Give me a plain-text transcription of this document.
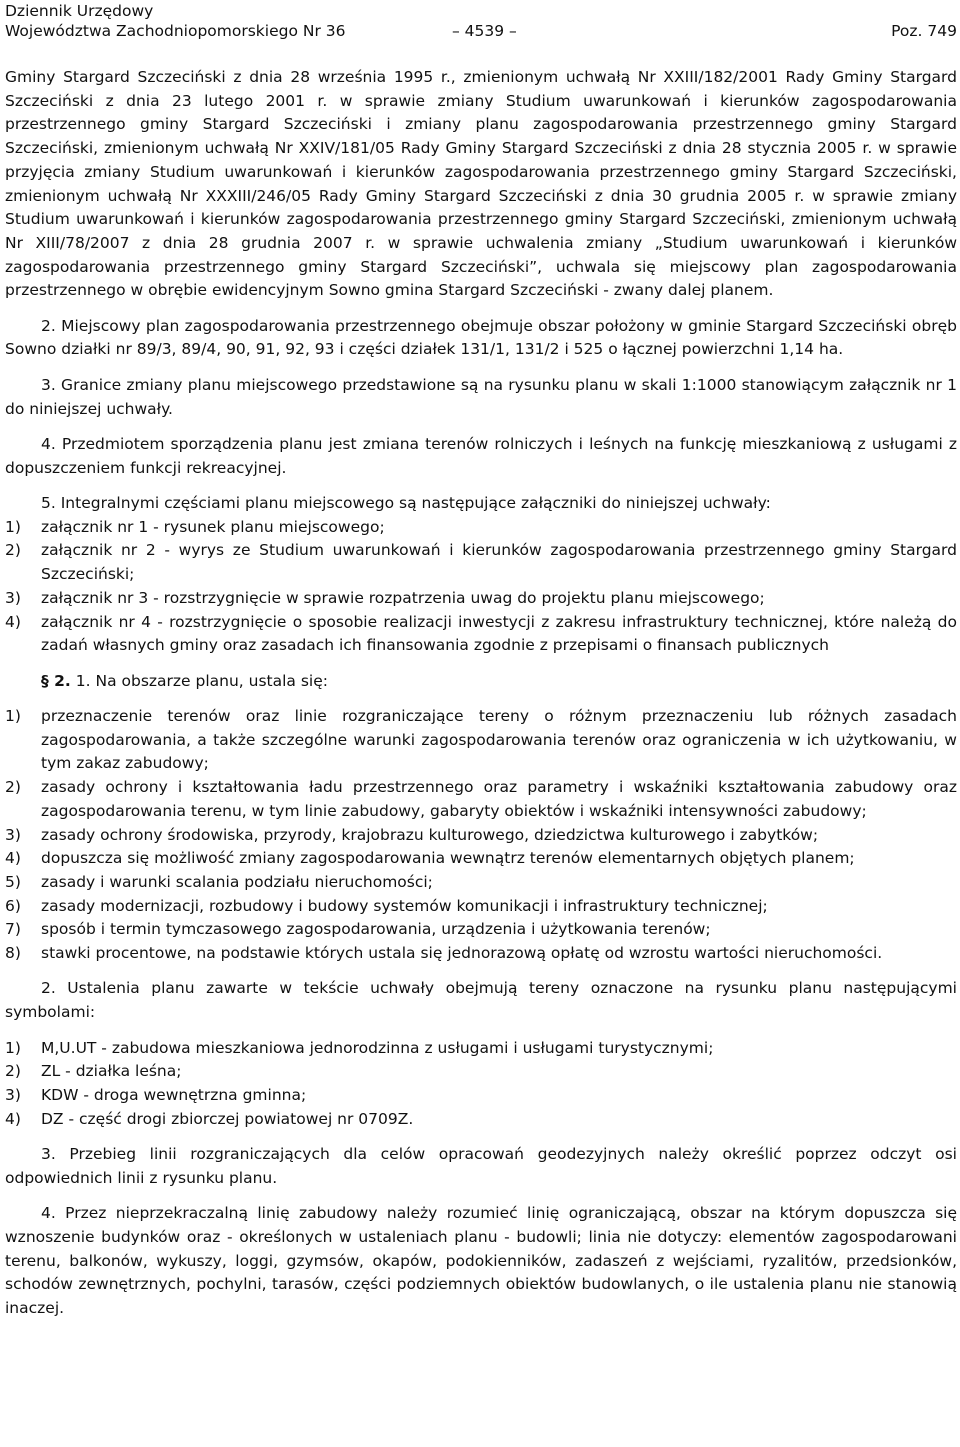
Dziennik Urzędowy
Województwa Zachodniopomorskiego Nr 36	– 4539 –	Poz. 749

Gminy Stargard Szczeciński z dnia 28 września 1995 r., zmienionym uchwałą Nr XXIII/182/2001 Rady Gminy Stargard Szczeciński z dnia 23 lutego 2001 r. w sprawie zmiany Studium uwarunkowań i kierunków zagospodarowania przestrzennego gminy Stargard Szczeciński i zmiany planu zagospodarowania przestrzennego gminy Stargard Szczeciński, zmienionym uchwałą Nr XXIV/181/05 Rady Gminy Stargard Szczeciński z dnia 28 stycznia 2005 r. w sprawie przyjęcia zmiany Studium uwarunkowań i kierunków zagospodarowania przestrzennego gminy Stargard Szczeciński, zmienionym uchwałą Nr XXXIII/246/05 Rady Gminy Stargard Szczeciński z dnia 30 grudnia 2005 r. w sprawie zmiany Studium uwarunkowań i kierunków zagospodarowania przestrzennego gminy Stargard Szczeciński, zmienionym uchwałą Nr XIII/78/2007 z dnia 28 grudnia 2007 r. w sprawie uchwalenia zmiany „Studium uwarunkowań i kierunków zagospodarowania przestrzennego gminy Stargard Szczeciński”, uchwala się miejscowy plan zagospodarowania przestrzennego w obrębie ewidencyjnym Sowno gmina Stargard Szczeciński - zwany dalej planem.

2. Miejscowy plan zagospodarowania przestrzennego obejmuje obszar położony w gminie Stargard Szczeciński obręb Sowno działki nr 89/3, 89/4, 90, 91, 92, 93 i części działek 131/1, 131/2 i 525 o łącznej powierzchni 1,14 ha.

3. Granice zmiany planu miejscowego przedstawione są na rysunku planu w skali 1:1000 stanowiącym załącznik nr 1 do niniejszej uchwały.

4. Przedmiotem sporządzenia planu jest zmiana terenów rolniczych i leśnych na funkcję mieszkaniową z usługami z dopuszczeniem funkcji rekreacyjnej.

5. Integralnymi częściami planu miejscowego są następujące załączniki do niniejszej uchwały:

1) załącznik nr 1 - rysunek planu miejscowego;
2) załącznik nr 2 - wyrys ze Studium uwarunkowań i kierunków zagospodarowania przestrzennego gminy Stargard Szczeciński;
3) załącznik nr 3 - rozstrzygnięcie w sprawie rozpatrzenia uwag do projektu planu miejscowego;
4) załącznik nr 4 - rozstrzygnięcie o sposobie realizacji inwestycji z zakresu infrastruktury technicznej, które należą do zadań własnych gminy oraz zasadach ich finansowania zgodnie z przepisami o finansach publicznych

§ 2. 1. Na obszarze planu, ustala się:

1) przeznaczenie terenów oraz linie rozgraniczające tereny o różnym przeznaczeniu lub różnych zasadach zagospodarowania, a także szczególne warunki zagospodarowania terenów oraz ograniczenia w ich użytkowaniu, w tym zakaz zabudowy;
2) zasady ochrony i kształtowania ładu przestrzennego oraz parametry i wskaźniki kształtowania zabudowy oraz zagospodarowania terenu, w tym linie zabudowy, gabaryty obiektów i wskaźniki intensywności zabudowy;
3) zasady ochrony środowiska, przyrody, krajobrazu kulturowego, dziedzictwa kulturowego i zabytków;
4) dopuszcza się możliwość zmiany zagospodarowania wewnątrz terenów elementarnych objętych planem;
5) zasady i warunki scalania podziału nieruchomości;
6) zasady modernizacji, rozbudowy i budowy systemów komunikacji i infrastruktury technicznej;
7) sposób i termin tymczasowego zagospodarowania, urządzenia i użytkowania terenów;
8) stawki procentowe, na podstawie których ustala się jednorazową opłatę od wzrostu wartości nieruchomości.

2. Ustalenia planu zawarte w tekście uchwały obejmują tereny oznaczone na rysunku planu następującymi symbolami:

1) M,U.UT - zabudowa mieszkaniowa jednorodzinna z usługami i usługami turystycznymi;
2) ZL - działka leśna;
3) KDW - droga wewnętrzna gminna;
4) DZ - część drogi zbiorczej powiatowej nr 0709Z.

3. Przebieg linii rozgraniczających dla celów opracowań geodezyjnych należy określić poprzez odczyt osi odpowiednich linii z rysunku planu.

4. Przez nieprzekraczalną linię zabudowy należy rozumieć linię ograniczającą, obszar na którym dopuszcza się wznoszenie budynków oraz - określonych w ustaleniach planu - budowli; linia nie dotyczy: elementów zagospodarowani terenu, balkonów, wykuszy, loggi, gzymsów, okapów, podokienników, zadaszeń z wejściami, ryzalitów, przedsionków, schodów zewnętrznych, pochylni, tarasów, części podziemnych obiektów budowlanych, o ile ustalenia planu nie stanowią inaczej.
